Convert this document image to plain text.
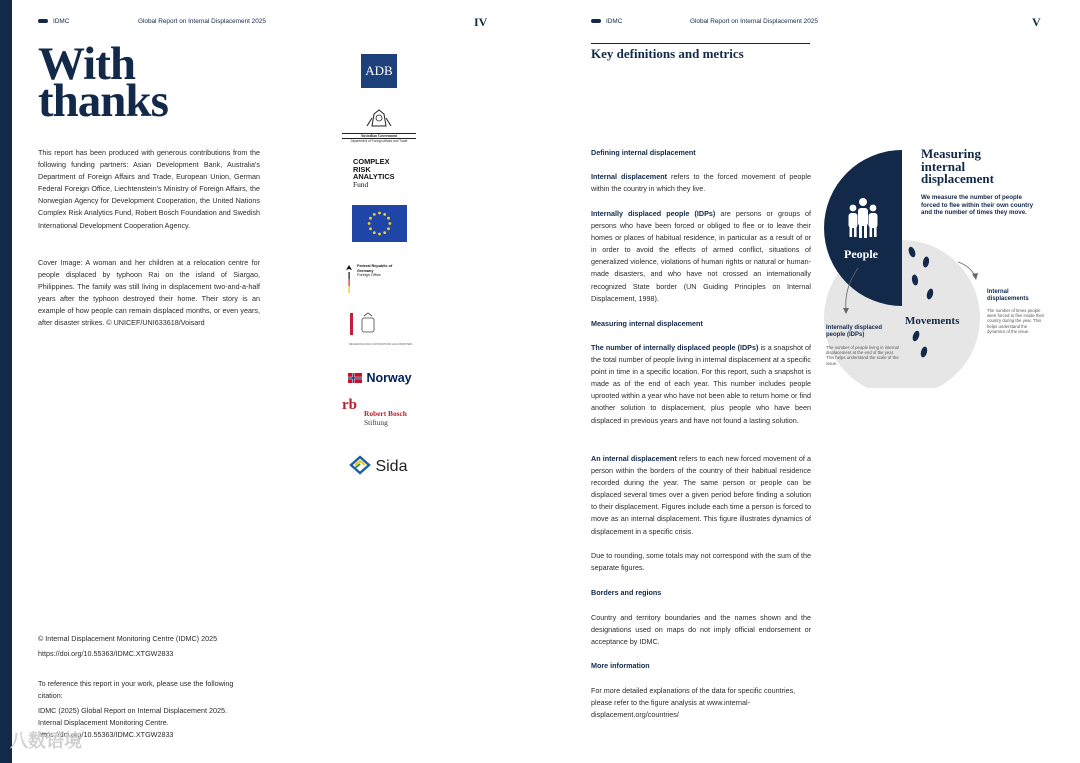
IDMC	Global Report on Internal Displacement 2025	IV	IDMC	Global Report on Internal Displacement 2025	V
With
thanks
This report has been produced with generous contributions from the following funding partners: Asian Development Bank, Australia's Department of Foreign Affairs and Trade, European Union, German Federal Foreign Office, Liechtenstein's Ministry of Foreign Affairs, the Norwegian Agency for Development Cooperation, the United Nations Complex Risk Analytics Fund, Robert Bosch Foundation and Swedish International Development Cooperation Agency.
Cover Image: A woman and her children at a relocation centre for people displaced by typhoon Rai on the island of Siargao, Philippines. The family was still living in displacement two-and-a-half years after the typhoon destroyed their home. Their story is an example of how people can remain displaced months, or even years, after disaster strikes. © UNICEF/UNI633618/Voisard
© Internal Displacement Monitoring Centre (IDMC) 2025
https://doi.org/10.55363/IDMC.XTGW2833
To reference this report in your work, please use the following citation:
IDMC (2025) Global Report on Internal Displacement 2025.
Internal Displacement Monitoring Centre.
https://doi.org/10.55363/IDMC.XTGW2833
ADB
Australian Government
Department of Foreign Affairs and Trade
COMPLEX
RISK
ANALYTICS
Fund
Federal Republic of Germany
Foreign Office
REGIERUNG DES FÜRSTENTUMS LIECHTENSTEIN
Norway
rb
Robert Bosch
Stiftung
Sida
Key definitions and metrics
Defining internal displacement
Internal displacement refers to the forced movement of people within the country in which they live.
Internally displaced people (IDPs) are persons or groups of persons who have been forced or obliged to flee or to leave their homes or places of habitual residence, in particular as a result of or in order to avoid the effects of armed conflict, situations of generalized violence, violations of human rights or natural or human-made disasters, and who have not crossed an internationally recognized State border (UN Guiding Principles on Internal Displacement, 1998).
Measuring internal displacement
The number of internally displaced people (IDPs) is a snapshot of the total number of people living in internal displacement at a specific point in time in a specific location. For this report, such a snapshot is made as of the end of each year. This number includes people uprooted within a year who have not been able to return home or find another solution to displacement, plus people who have been displaced in previous years and have not found a lasting solution.
An internal displacement refers to each new forced movement of a person within the borders of the country of their habitual residence recorded during the year. The same person or people can be displaced several times over a given period before finding a solution to their displacement. Figures include each time a person is forced to move as an internal displacement. This figure illustrates dynamics of displacement in a specific crisis.
Due to rounding, some totals may not correspond with the sum of the separate figures.
Borders and regions
Country and territory boundaries and the names shown and the designations used on maps do not imply official endorsement or acceptance by IDMC.
More information
For more detailed explanations of the data for specific countries, please refer to the figure analysis at www.internal-displacement.org/countries/
Measuring
internal
displacement
We measure the number of people forced to flee within their own country and the number of times they move.
People
Movements
Internally displaced people (IDPs)
The number of people living in internal displacement at the end of the year. This helps understand the scale of the issue.
Internal displacements
The number of times people were forced to flee inside their country during the year. This helps understand the dynamics of the issue.
八数语境
